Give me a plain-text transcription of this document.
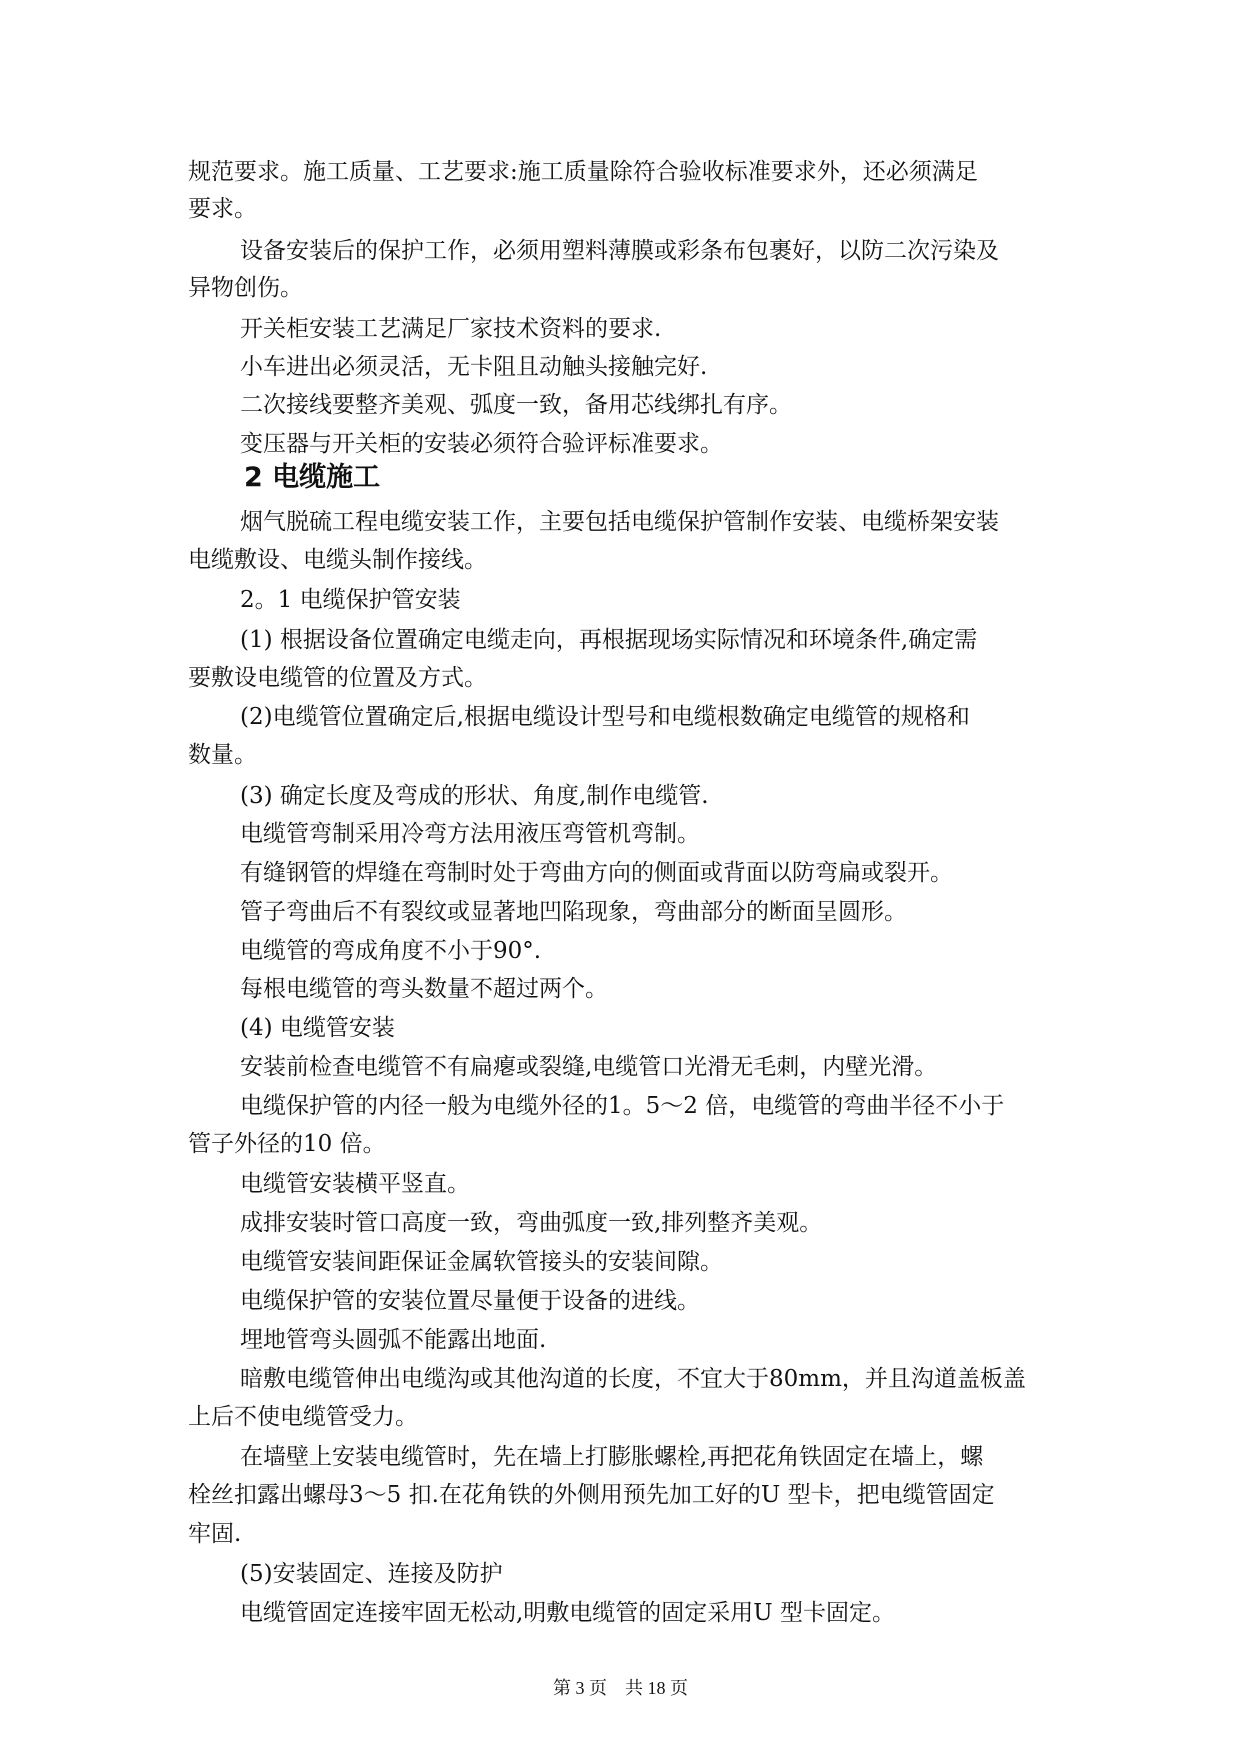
规范要求。施工质量、工艺要求:施工质量除符合验收标准要求外，还必须满足
要求。
设备安装后的保护工作，必须用塑料薄膜或彩条布包裹好，以防二次污染及
异物创伤。
开关柜安装工艺满足厂家技术资料的要求.
小车进出必须灵活，无卡阻且动触头接触完好.
二次接线要整齐美观、弧度一致，备用芯线绑扎有序。
变压器与开关柜的安装必须符合验评标准要求。
2 电缆施工
烟气脱硫工程电缆安装工作，主要包括电缆保护管制作安装、电缆桥架安装
电缆敷设、电缆头制作接线。
2。1 电缆保护管安装
(1) 根据设备位置确定电缆走向，再根据现场实际情况和环境条件,确定需
要敷设电缆管的位置及方式。
(2)电缆管位置确定后,根据电缆设计型号和电缆根数确定电缆管的规格和
数量。
(3) 确定长度及弯成的形状、角度,制作电缆管.
电缆管弯制采用冷弯方法用液压弯管机弯制。
有缝钢管的焊缝在弯制时处于弯曲方向的侧面或背面以防弯扁或裂开。
管子弯曲后不有裂纹或显著地凹陷现象，弯曲部分的断面呈圆形。
电缆管的弯成角度不小于90°.
每根电缆管的弯头数量不超过两个。
(4) 电缆管安装
安装前检查电缆管不有扁瘪或裂缝,电缆管口光滑无毛刺，内壁光滑。
电缆保护管的内径一般为电缆外径的1。5～2 倍，电缆管的弯曲半径不小于
管子外径的10 倍。
电缆管安装横平竖直。
成排安装时管口高度一致，弯曲弧度一致,排列整齐美观。
电缆管安装间距保证金属软管接头的安装间隙。
电缆保护管的安装位置尽量便于设备的进线。
埋地管弯头圆弧不能露出地面.
暗敷电缆管伸出电缆沟或其他沟道的长度，不宜大于80mm，并且沟道盖板盖
上后不使电缆管受力。
在墙壁上安装电缆管时，先在墙上打膨胀螺栓,再把花角铁固定在墙上，螺
栓丝扣露出螺母3～5 扣.在花角铁的外侧用预先加工好的U 型卡，把电缆管固定
牢固.
(5)安装固定、连接及防护
电缆管固定连接牢固无松动,明敷电缆管的固定采用U 型卡固定。
第 3 页　共 18 页
